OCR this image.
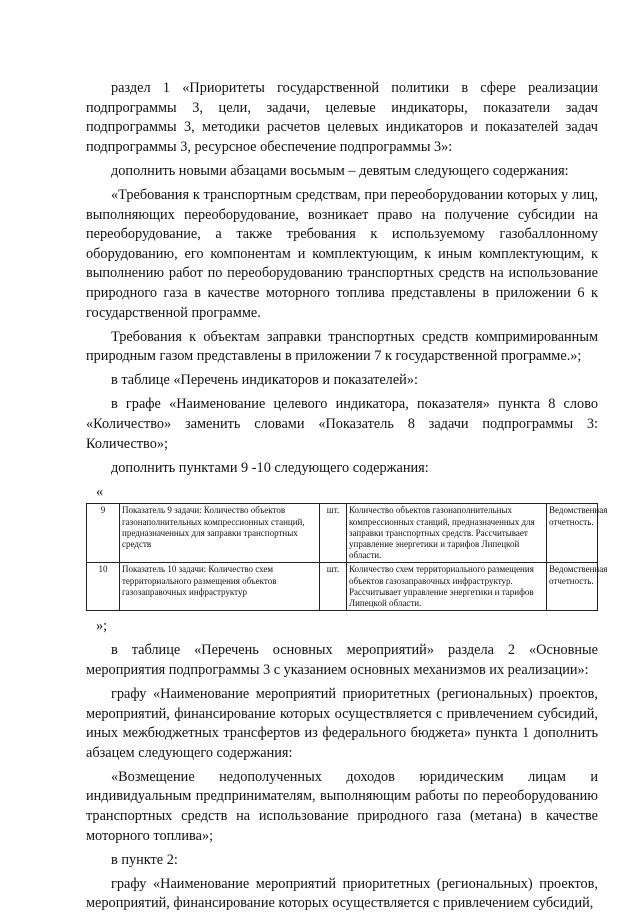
раздел 1 «Приоритеты государственной политики в сфере реализации подпрограммы 3, цели, задачи, целевые индикаторы, показатели задач подпрограммы 3, методики расчетов целевых индикаторов и показателей задач подпрограммы 3, ресурсное обеспечение подпрограммы 3»:

дополнить новыми абзацами восьмым – девятым следующего содержания:

«Требования к транспортным средствам, при переоборудовании которых у лиц, выполняющих переоборудование, возникает право на получение субсидии на переоборудование, а также требования к используемому газобаллонному оборудованию, его компонентам и комплектующим, к иным комплектующим, к выполнению работ по переоборудованию транспортных средств на использование природного газа в качестве моторного топлива представлены в приложении 6 к государственной программе.

Требования к объектам заправки транспортных средств компримированным природным газом представлены в приложении 7 к государственной программе.»;

в таблице «Перечень индикаторов и показателей»:

в графе «Наименование целевого индикатора, показателя» пункта 8 слово «Количество» заменить словами «Показатель 8 задачи подпрограммы 3: Количество»;

дополнить пунктами 9 -10 следующего содержания:

«

9	Показатель 9 задачи: Количество объектов газонаполнительных компрессионных станций, предназначенных для заправки транспортных средств	шт.	Количество объектов газонаполнительных компрессионных станций, предназначенных для заправки транспортных средств. Рассчитывает управление энергетики и тарифов Липецкой области.	Ведомственная отчетность.
10	Показатель 10 задачи: Количество схем территориального размещения объектов газозаправочных инфраструктур	шт.	Количество схем территориального размещения объектов газозаправочных инфраструктур. Рассчитывает управление энергетики и тарифов Липецкой области.	Ведомственная отчетность.

»;

в таблице «Перечень основных мероприятий» раздела 2 «Основные мероприятия подпрограммы 3 с указанием основных механизмов их реализации»:

графу «Наименование мероприятий приоритетных (региональных) проектов, мероприятий, финансирование которых осуществляется с привлечением субсидий, иных межбюджетных трансфертов из федерального бюджета» пункта 1 дополнить абзацем следующего содержания:

«Возмещение недополученных доходов юридическим лицам и индивидуальным предпринимателям, выполняющим работы по переоборудованию транспортных средств на использование природного газа (метана) в качестве моторного топлива»;

в пункте 2:

графу «Наименование мероприятий приоритетных (региональных) проектов, мероприятий, финансирование которых осуществляется с привлечением субсидий,
